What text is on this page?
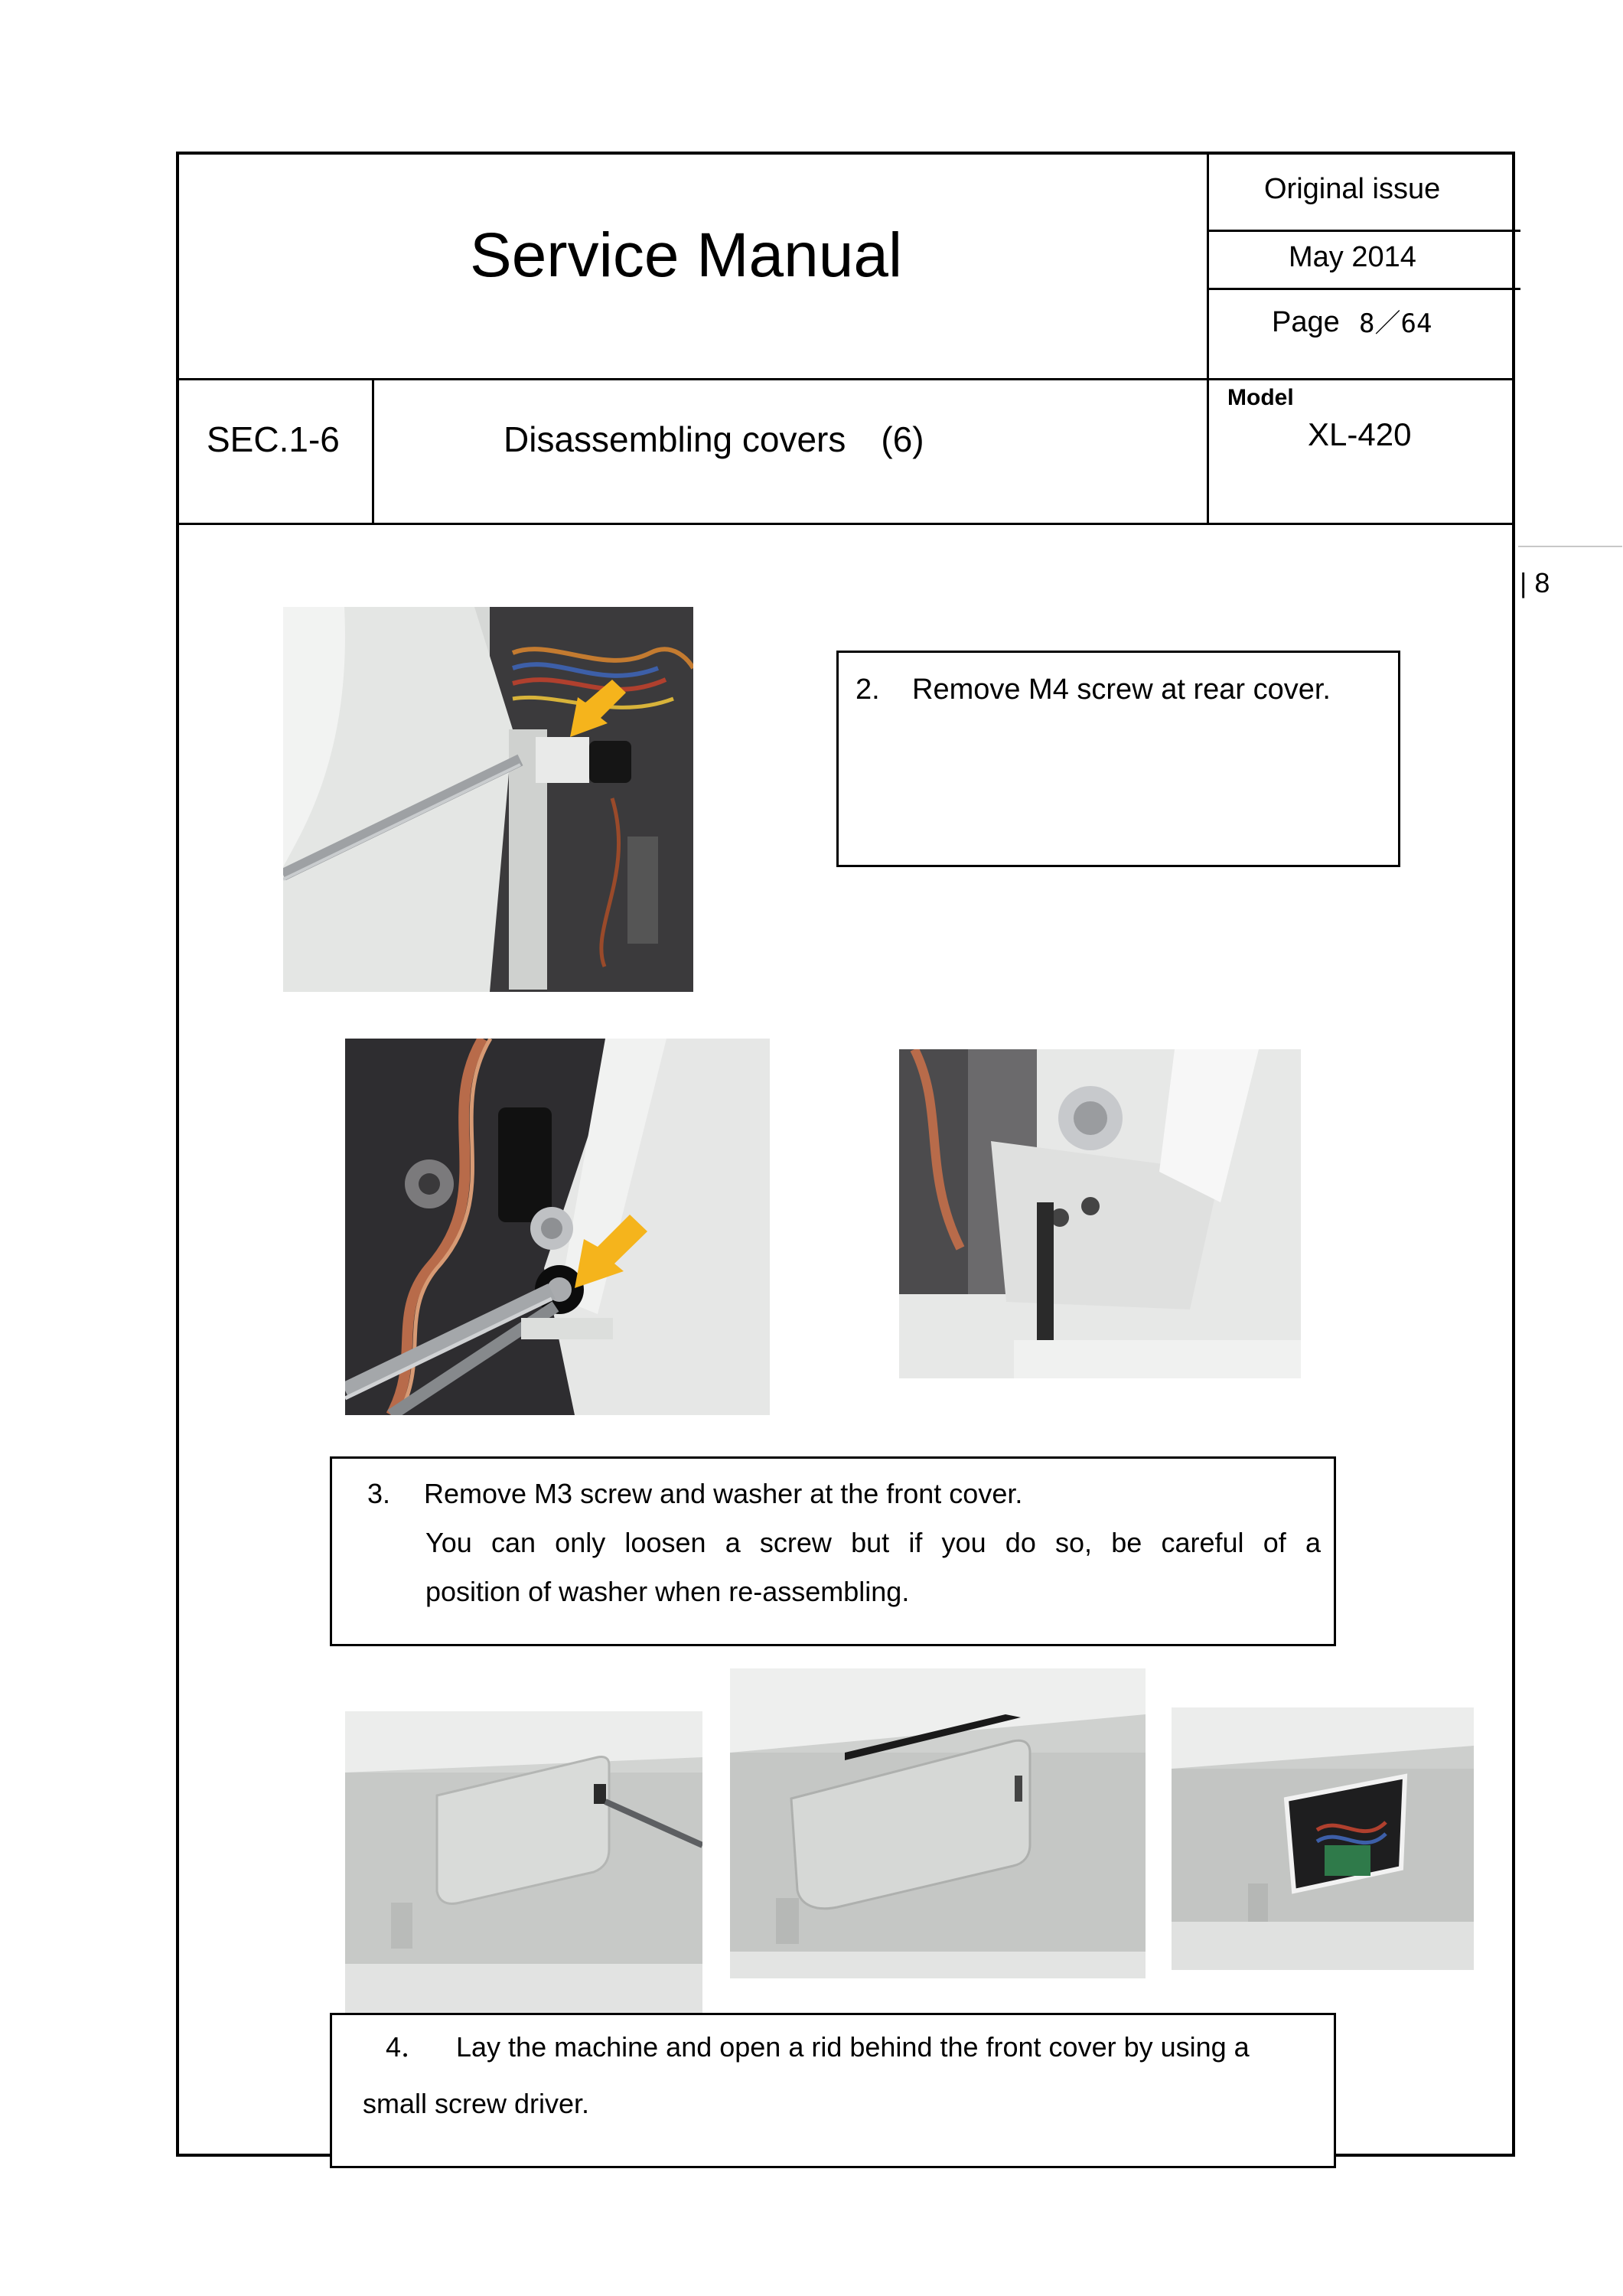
Service Manual
Original issue
May 2014
Page 8／64
SEC.1-6	Disassembling covers　(6)
Model
XL-420
| 8
2. Remove M4 screw at rear cover.
3. Remove M3 screw and washer at the front cover.
You can only loosen a screw but if you do so, be careful of a
position of washer when re-assembling.
4． Lay the machine and open a rid behind the front cover by using a
small screw driver.
